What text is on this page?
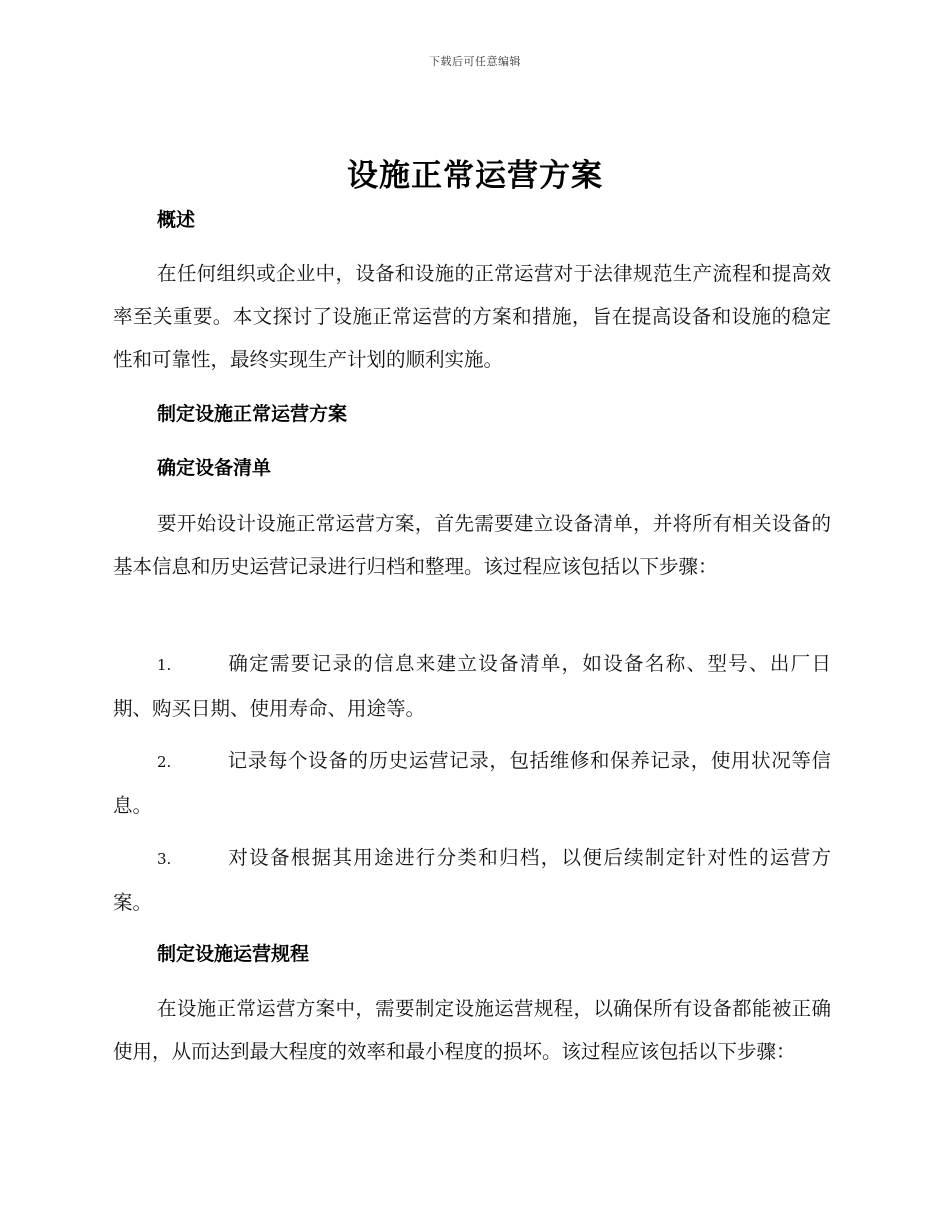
下载后可任意编辑
设施正常运营方案
概述
在任何组织或企业中，设备和设施的正常运营对于法律规范生产流程和提高效率至关重要。本文探讨了设施正常运营的方案和措施，旨在提高设备和设施的稳定性和可靠性，最终实现生产计划的顺利实施。
制定设施正常运营方案
确定设备清单
要开始设计设施正常运营方案，首先需要建立设备清单，并将所有相关设备的基本信息和历史运营记录进行归档和整理。该过程应该包括以下步骤：
1.	确定需要记录的信息来建立设备清单，如设备名称、型号、出厂日期、购买日期、使用寿命、用途等。
2.	记录每个设备的历史运营记录，包括维修和保养记录，使用状况等信息。
3.	对设备根据其用途进行分类和归档，以便后续制定针对性的运营方案。
制定设施运营规程
在设施正常运营方案中，需要制定设施运营规程，以确保所有设备都能被正确使用，从而达到最大程度的效率和最小程度的损坏。该过程应该包括以下步骤：
